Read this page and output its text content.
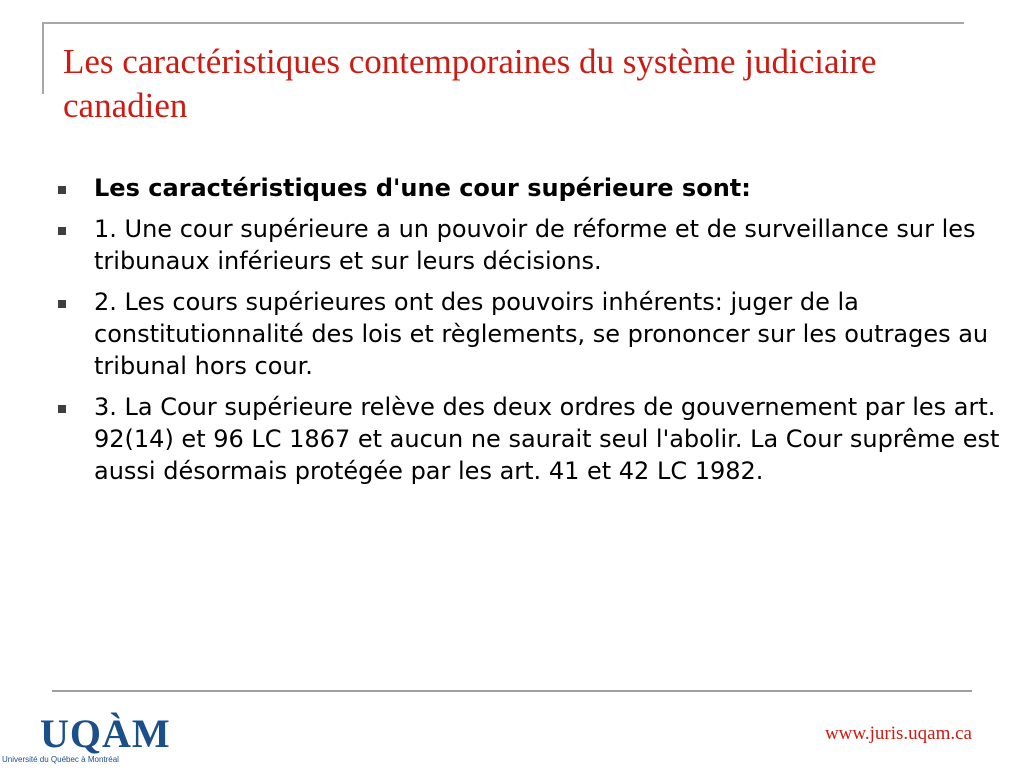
Les caractéristiques contemporaines du système judiciaire canadien
Les caractéristiques d'une cour supérieure sont:
1. Une cour supérieure a un pouvoir de réforme et de surveillance sur les tribunaux inférieurs et sur leurs décisions.
2. Les cours supérieures ont des pouvoirs inhérents: juger de la constitutionnalité des lois et règlements, se prononcer sur les outrages au tribunal hors cour.
3. La Cour supérieure relève des deux ordres de gouvernement par les art. 92(14) et 96 LC 1867 et aucun ne saurait seul l'abolir. La Cour suprême est aussi désormais protégée par les art. 41 et 42 LC 1982.
UQÀM
Université du Québec à Montréal
www.juris.uqam.ca
